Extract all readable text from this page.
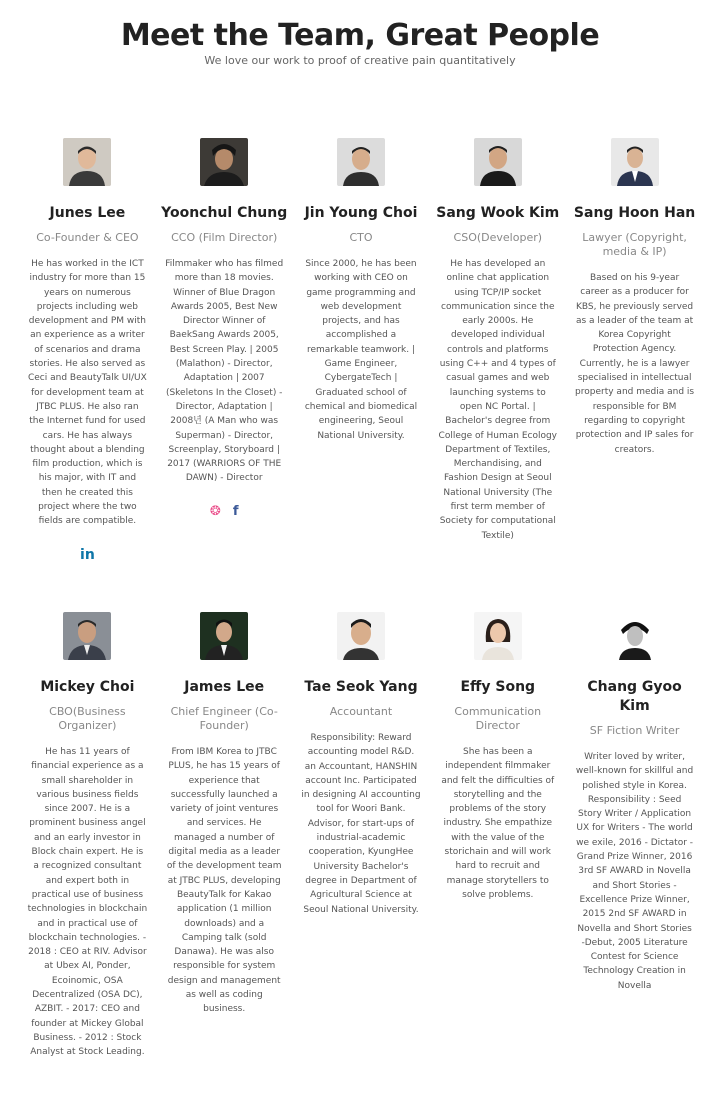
Meet the Team, Great People
We love our work to proof of creative pain quantitatively
Junes Lee
Co-Founder & CEO
He has worked in the ICT industry for more than 15 years on numerous projects including web development and PM with an experience as a writer of scenarios and drama stories. He also served as Ceci and BeautyTalk UI/UX for development team at JTBC PLUS. He also ran the Internet fund for used cars. He has always thought about a blending film production, which is his major, with IT and then he created this project where the two fields are compatible.
in
Yoonchul Chung
CCO (Film Director)
Filmmaker who has filmed more than 18 movies. Winner of Blue Dragon Awards 2005, Best New Director Winner of BaekSang Awards 2005, Best Screen Play. | 2005 (Malathon) - Director, Adaptation | 2007 (Skeletons In the Closet) - Director, Adaptation | 2008년 (A Man who was Superman) - Director, Screenplay, Storyboard | 2017 (WARRIORS OF THE DAWN) - Director
❂ f
Jin Young Choi
CTO
Since 2000, he has been working with CEO on game programming and web development projects, and has accomplished a remarkable teamwork. | Game Engineer, CybergateTech | Graduated school of chemical and biomedical engineering, Seoul National University.
Sang Wook Kim
CSO(Developer)
He has developed an online chat application using TCP/IP socket communication since the early 2000s. He developed individual controls and platforms using C++ and 4 types of casual games and web launching systems to open NC Portal. | Bachelor's degree from College of Human Ecology Department of Textiles, Merchandising, and Fashion Design at Seoul National University (The first term member of Society for computational Textile)
Sang Hoon Han
Lawyer (Copyright, media & IP)
Based on his 9-year career as a producer for KBS, he previously served as a leader of the team at Korea Copyright Protection Agency. Currently, he is a lawyer specialised in intellectual property and media and is responsible for BM regarding to copyright protection and IP sales for creators.
Mickey Choi
CBO(Business Organizer)
He has 11 years of financial experience as a small shareholder in various business fields since 2007. He is a prominent business angel and an early investor in Block chain expert. He is a recognized consultant and expert both in practical use of business technologies in blockchain and in practical use of blockchain technologies. - 2018 : CEO at RIV. Advisor at Ubex AI, Ponder, Ecoinomic, OSA Decentralized (OSA DC), AZBIT. - 2017: CEO and founder at Mickey Global Business. - 2012 : Stock Analyst at Stock Leading.
James Lee
Chief Engineer (Co-Founder)
From IBM Korea to JTBC PLUS, he has 15 years of experience that successfully launched a variety of joint ventures and services. He managed a number of digital media as a leader of the development team at JTBC PLUS, developing BeautyTalk for Kakao application (1 million downloads) and a Camping talk (sold Danawa). He was also responsible for system design and management as well as coding business.
Tae Seok Yang
Accountant
Responsibility: Reward accounting model R&D. an Accountant, HANSHIN account Inc. Participated in designing AI accounting tool for Woori Bank. Advisor, for start-ups of industrial-academic cooperation, KyungHee University Bachelor's degree in Department of Agricultural Science at Seoul National University.
Effy Song
Communication Director
She has been a independent filmmaker and felt the difficulties of storytelling and the problems of the story industry. She empathize with the value of the storichain and will work hard to recruit and manage storytellers to solve problems.
Chang Gyoo Kim
SF Fiction Writer
Writer loved by writer, well-known for skillful and polished style in Korea. Responsibility : Seed Story Writer / Application UX for Writers - The world we exile, 2016 - Dictator - Grand Prize Winner, 2016 3rd SF AWARD in Novella and Short Stories - Excellence Prize Winner, 2015 2nd SF AWARD in Novella and Short Stories -Debut, 2005 Literature Contest for Science Technology Creation in Novella
